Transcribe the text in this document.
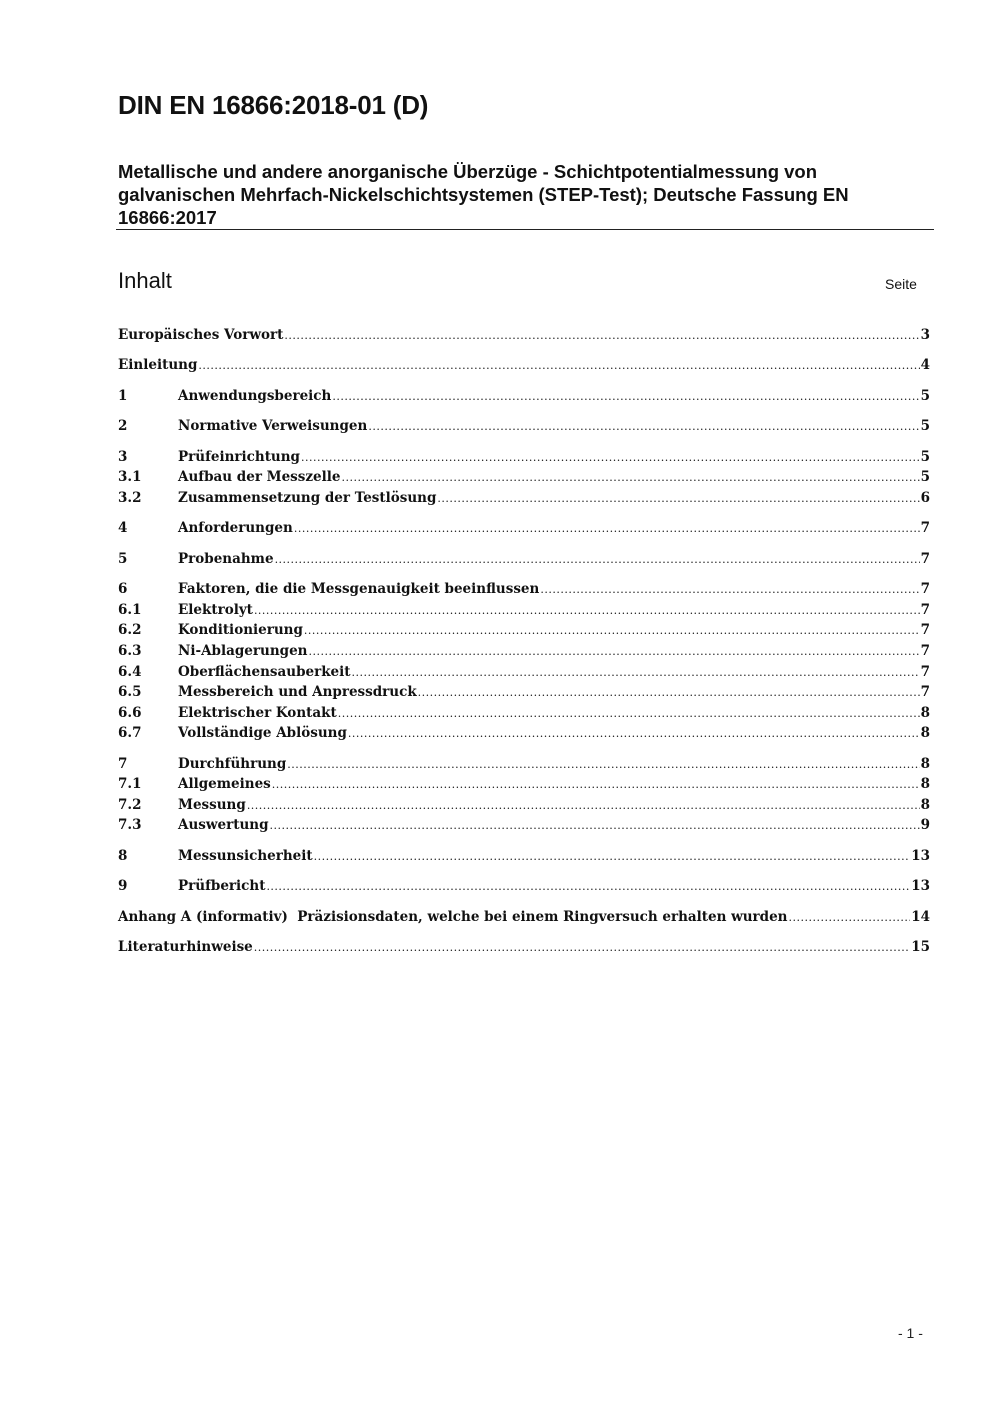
DIN EN 16866:2018-01 (D)
Metallische und andere anorganische Überzüge - Schichtpotentialmessung von galvanischen Mehrfach-Nickelschichtsystemen (STEP-Test); Deutsche Fassung EN 16866:2017
Inhalt	Seite
Europäisches Vorwort .....	3
Einleitung .....	4
1	Anwendungsbereich .....	5
2	Normative Verweisungen .....	5
3	Prüfeinrichtung .....	5
3.1	Aufbau der Messzelle .....	5
3.2	Zusammensetzung der Testlösung .....	6
4	Anforderungen .....	7
5	Probenahme .....	7
6	Faktoren, die die Messgenauigkeit beeinflussen .....	7
6.1	Elektrolyt .....	7
6.2	Konditionierung .....	7
6.3	Ni-Ablagerungen .....	7
6.4	Oberflächensauberkeit .....	7
6.5	Messbereich und Anpressdruck .....	7
6.6	Elektrischer Kontakt .....	8
6.7	Vollständige Ablösung .....	8
7	Durchführung .....	8
7.1	Allgemeines .....	8
7.2	Messung .....	8
7.3	Auswertung .....	9
8	Messunsicherheit .....	13
9	Prüfbericht .....	13
Anhang A (informativ)  Präzisionsdaten, welche bei einem Ringversuch erhalten wurden .....	14
Literaturhinweise .....	15
- 1 -
